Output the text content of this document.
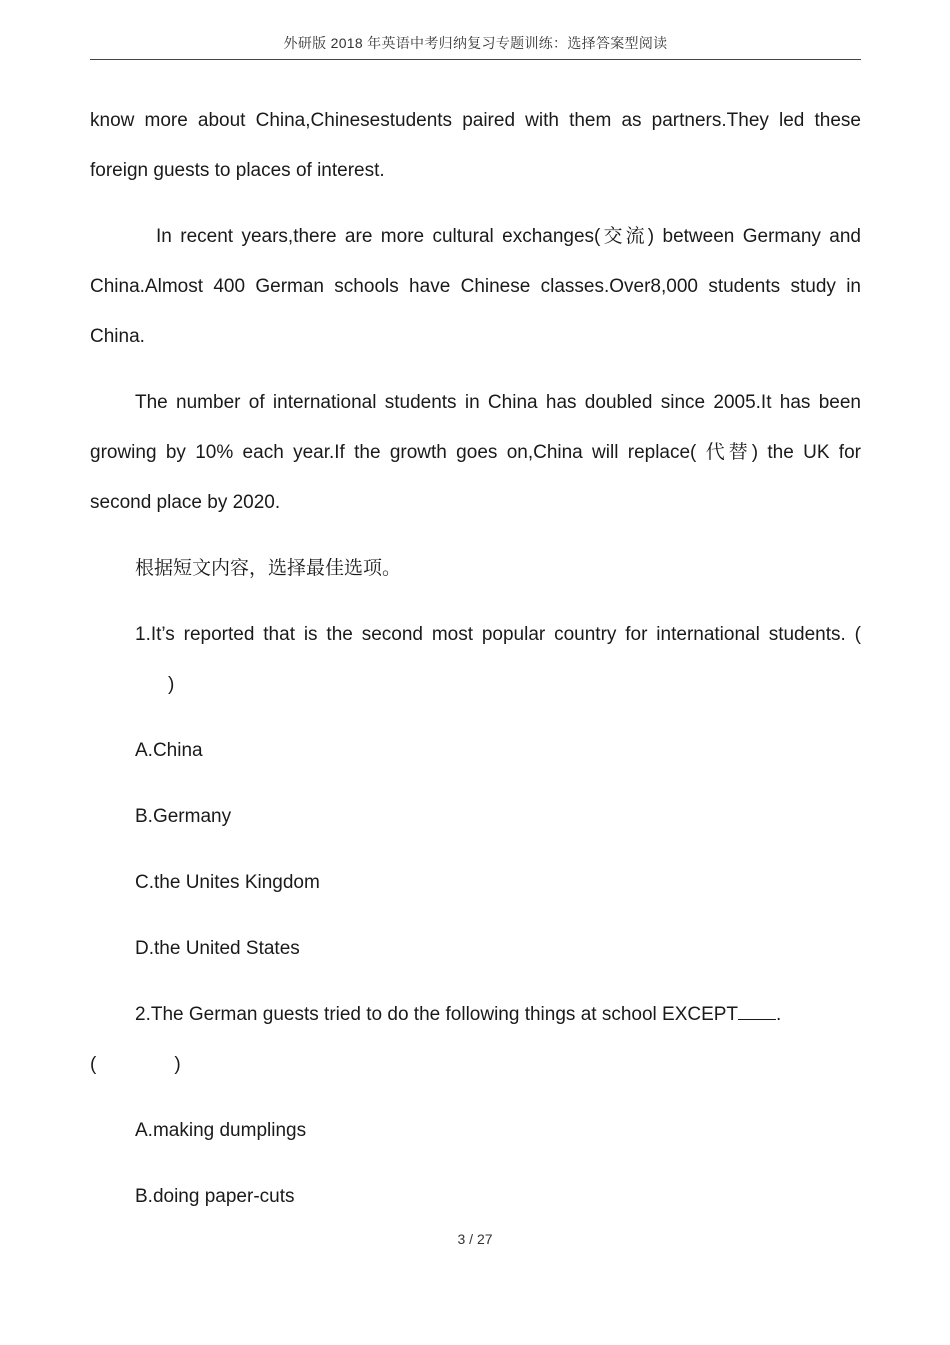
外研版 2018 年英语中考归纳复习专题训练：选择答案型阅读

know more about China,Chinesestudents paired with them as partners.They led these foreign guests to places of interest.

In recent years,there are more cultural exchanges(交流) between Germany and China.Almost 400 German schools have Chinese classes.Over8,000 students study in China.

The number of international students in China has doubled since 2005.It has been growing by 10% each year.If the growth goes on,China will replace( 代替) the UK for second place by 2020.

根据短文内容，选择最佳选项。

1.It’s reported that is the second most popular country for international students. ()

A.China

B.Germany

C.the Unites Kingdom

D.the United States

2.The German guests tried to do the following things at school EXCEPT .
(	)

A.making dumplings

B.doing paper-cuts

3 / 27
